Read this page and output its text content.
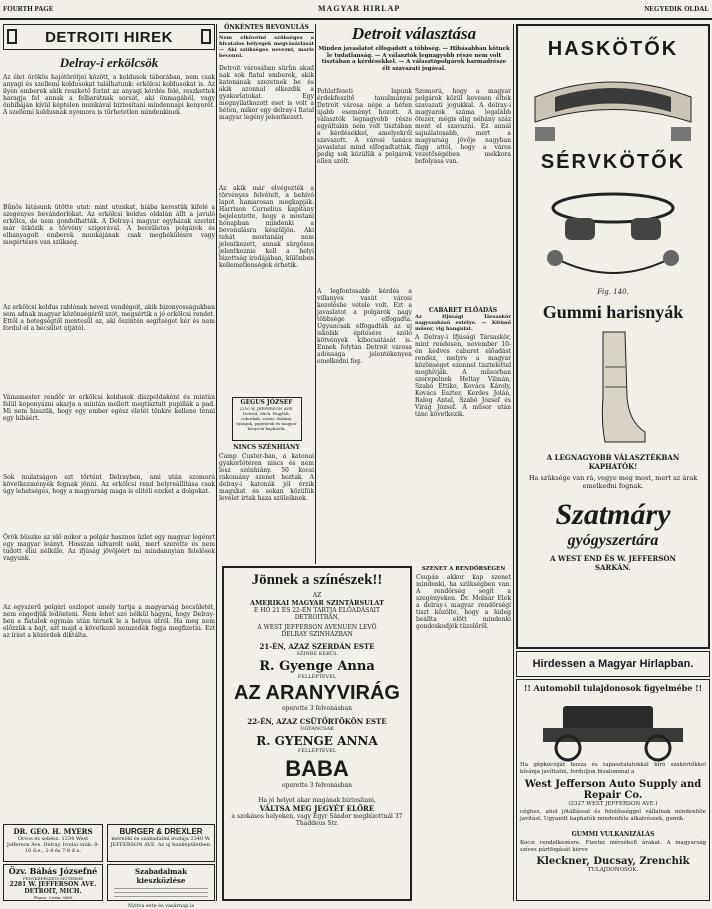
FOURTH PAGE	MAGYAR HIRLAP	NEGYEDIK OLDAL
DETROITI HIREK
Delray-i erkölcsök
Az élet örökös hajótörötjei között, a koldusok táborában, nem csak anyagi és szellemi koldusokat találhatunk: erkölcsi koldusokat is. Az ilyen emberek akik reszkető forint az anyagi kérdés felé, reszkettek haragja fel annak a felbarátnak sorsát, aki önmagából, vagy önhibáján kívül képtelen munkával biztosítani mindennapi kenyerét. A szellemi koldusnak nyomora is tűrhetetlen mindenkinek.
Bűnös látásunk ütötte utat: mint utunkat, hiába kerestük kifelé a szegényes bevándorlókat. Az erkölcsi koldus oldalán állt a javuló erkölcs, de nem gondolhatták. A Delray-i magyar egyházak szerint már ütközik a tőrvény szigorával. A becsületes polgárok és elhanyagolt emberek munkájának csak megbékülésre vagy megértésre van szükség.
Az erkölcsi koldus rablónak nevezi vendégeit, akik bizonyosságukban sem adnak magyar közönségéről szót, megsértik a jó erkölcsi rendet. Ettől a betegségtől mentesül az, aki őszintén segítséget kér és nem fordul el a becsület útjától.
Vámsmester rendőr úr erkölcsi koldusok diszpeldaként és mintán felül koponyázni akarja a mintán mellett megtisztult pupillák a pad. Mi nem hisszük, hogy egy ember egész életét tönkre kellene tenni egy hibáért.
Sok mulatságon ezt tőrtént Delrayben, ami után szomorú következmények fognak jönni. Az erkölcsi rend helyreállítása csak úgy lehetséges, hogy a magyarság maga is elítéli ezeket a dolgokat.
Örök büszke az idő mikor a polgár hasznos üzlet egy magyar legényt egy magyar leányt. Hosszan udvarolt neki, mert szerette és nem tudott élni nélküle. Az ifjúság jövőjéért mi mindannyian felelősek vagyunk.
Az egyszerű polgári oszlopot amely tartja a magyarság becsületét, nem engedjük ledönteni. Nem lehet szó nélkül hagyni, hogy Delray-ben a fiatalok egymás után térnek le a helyes útról. Ha meg nem előzzük a bajt, azt majd a következő nemzedék fogja megfizetni. Ezt az írást a közérdek diktálta.
DR. GEO. H. MYERS
Orvos és sebész. 1234 West Jefferson Ave. Delray. Irodai órák: 8-10 d.e., 2-4 és 7-8 d.u.
BURGER & DREXLER
mérnöki és szabadalmi irodája 2340 W. JEFFERSON AVE. Az uj banképületben.
Özv. Bábás Józsefné
FÉNYKÉPÉSZETI MŰTERMÉ
2281 W. JEFFERSON AVE.
DETROIT, MICH.
Phone: Cedar 3889
Szabadalmak kieszközlése
Nyitva este és vasárnap is
ÖNKÉNTES BEVONULÁS
Nem elkövetni szükséges a hivatalos bélyegek megvásárlását — Aki szükséges nevezni, maris bevonul.
Detroit városában sürün akad nak sok fiatal emberek, akik katonának szeretnek be és akik azonnal elkezdik a gyakorlatokat. Egy megnyilatkozott eset is volt a héten, mikor egy delray-i fiatal magyar legény jelentkezett.
Az akik már elvégezték a törvényes felvételt, a behívó lapot hamarosan megkapják. Harrison Cornelius kapitány bejelentette, hogy a mostani hónapban mindenki a bevonulásra készüljön. Aki tehát mostanáig nem jelentkezett, annak sürgősen jelentkeznie kell a helyi bizottság irodájában, különben kellemetlenségek érhetik.
GEGUS JÓZSEF
2210 W. JEFFERSON AVE. Detroit, Mich. Fagylalt, cukorkák, szivar, dohány, újságok, papíráruk és magyar könyvek kaphatók.
NINCS SZÉNHIÁNY
Camp Custer-ban, a katonai gyakorlótéren nincs és nem lesz szénhiány. 50 kocsi rakomány szenet hoztak. A delray-i katonák jól érzik magukat és sokan közülük levelet írtak haza szüleiknek.
Detroit választása
Minden javaslatot elfogadott a többség. — Hibásabban kötnek le tudatlanság. — A választók legnagyobb része nem volt tisztában a kérdésekkel. — A választópolgárok harmadrésze élt szavazati jogával.
Pohlatfeseti lapunk érdekfeszítő tanulmányai Detroit városa népe a héten újabb eseményt hozott. A választók legnagyobb része egyáltalán nem volt tisztában a kérdésekkel, amelyekről szavazott. A városi tanács javaslatai mind elfogadtattak, pedig sok közülük a polgárok ellen szólt.
A legfontosabb kérdés a villanyos vasút városi kezelésbe vétele volt. Ezt a javaslatot a polgárok nagy többsége elfogadta. Ugyancsak elfogadták az uj iskolák építésére szóló kötvények kibocsátását is. Ennek folytán Detroit városa adóssága jelentékenyen emelkedni fog.
Szomorú, hogy a magyar polgárok közül kevesen éltek szavazati jogukkal. A delray-i magyarok száma legalább ötezer, mégis alig néhány száz ment el szavazni. Ez annál sajnálatosabb, mert a magyarság jövője nagyban függ attól, hogy a város vezetőségében mekkora befolyása van.
CABARET ELŐADÁS
Az Ifjúsági Társaskör nagyszabású estélye. — Kitünő műsor, vig hangulat.
A Delray-i Ifjúsági Társaskör, mint rendesen, november 10-én kedves cabaret előadást rendez, melyre a magyar közönséget ezennel tisztelettel meghívják. A műsorban szerepelnek Heltay Vilmán, Szabó Ettike, Kovács Károly, Kovács Eszter, Kerdes Jolán, Balog Antal, Szabó József és Virág József. A műsor után tánc következik.
Jönnek a színészek!!
AZ
AMERIKAI MAGYAR SZINTÁRSULAT
E HÓ 21 ÉS 22-ÉN TARTJA ELŐADÁSAIT
DETROITBAN,
A WEST JEFFERSON AVENUEN LEVŐ
DELRAY SZINHÁZBAN
21-ÉN, AZAZ SZERDÁN ESTE
SZINRE KERÜL
R. Gyenge Anna
FELLÉPTÉVEL
AZ ARANYVIRÁG
operette 3 felvonásban
22-ÉN, AZAZ CSÜTÖRTÖKÖN ESTE
UGYANCSAK
R. GYENGE ANNA
FELLÉPTÉVEL
BABA
operette 3 felvonásban
Ha jó helyet akar magának biztosítani,
VÁLTSA MEG JEGYÉT ELŐRE
a szokásos helyeken, vagy Egyr Sándor megbízottnál 37 Thaddeus Str.
SZENET A RENDŐRSÉGEN
Csupán akkor kap szenet mindenki, ha szükségben van. A rendőrség segít a szegényeken. Dr. Molnár Elek a delray-i magyar rendőrségi tiszt közölte, hogy a hideg beállta előtt mindenki gondoskodjék tüzelőről.
HASKÖTŐK
SÉRVKÖTŐK
Fig. 140.
Gummi harisnyák
A LEGNAGYOBB VÁLASZTÉKBAN KAPHATÓK!
Ha szüksége van rá, vegye meg most, mert az árak emelkedni fognak.
Szatmáry
gyógyszertára
A WEST END ÉS W. JEFFERSON SARKÁN.
Hirdessen a Magyar Hirlapban.
!! Automobil tulajdonosok figyelmébe !!
Ha gépkocsiját hozza és tapasztalatokkal bíró szakértőkkel kívánja javíttatni, forduljon bizalommal a
West Jefferson Auto Supply and Repair Co.
(2327 WEST JEFFERSON AVE.)
céghez, ahol jótállással és felelősséggel vállalnak mindenféle javítást. Ugyanitt kaphatók mindenféle alkatrészek, gumik.
GUMMI VULKANIZÁLÁS
Kocsi rendelkezésre. Fizetni mérsékelt árakat. A magyarság szíves pártfogását kérve
Kleckner, Ducsay, Zrenchik
TULAJDONOSOK.
